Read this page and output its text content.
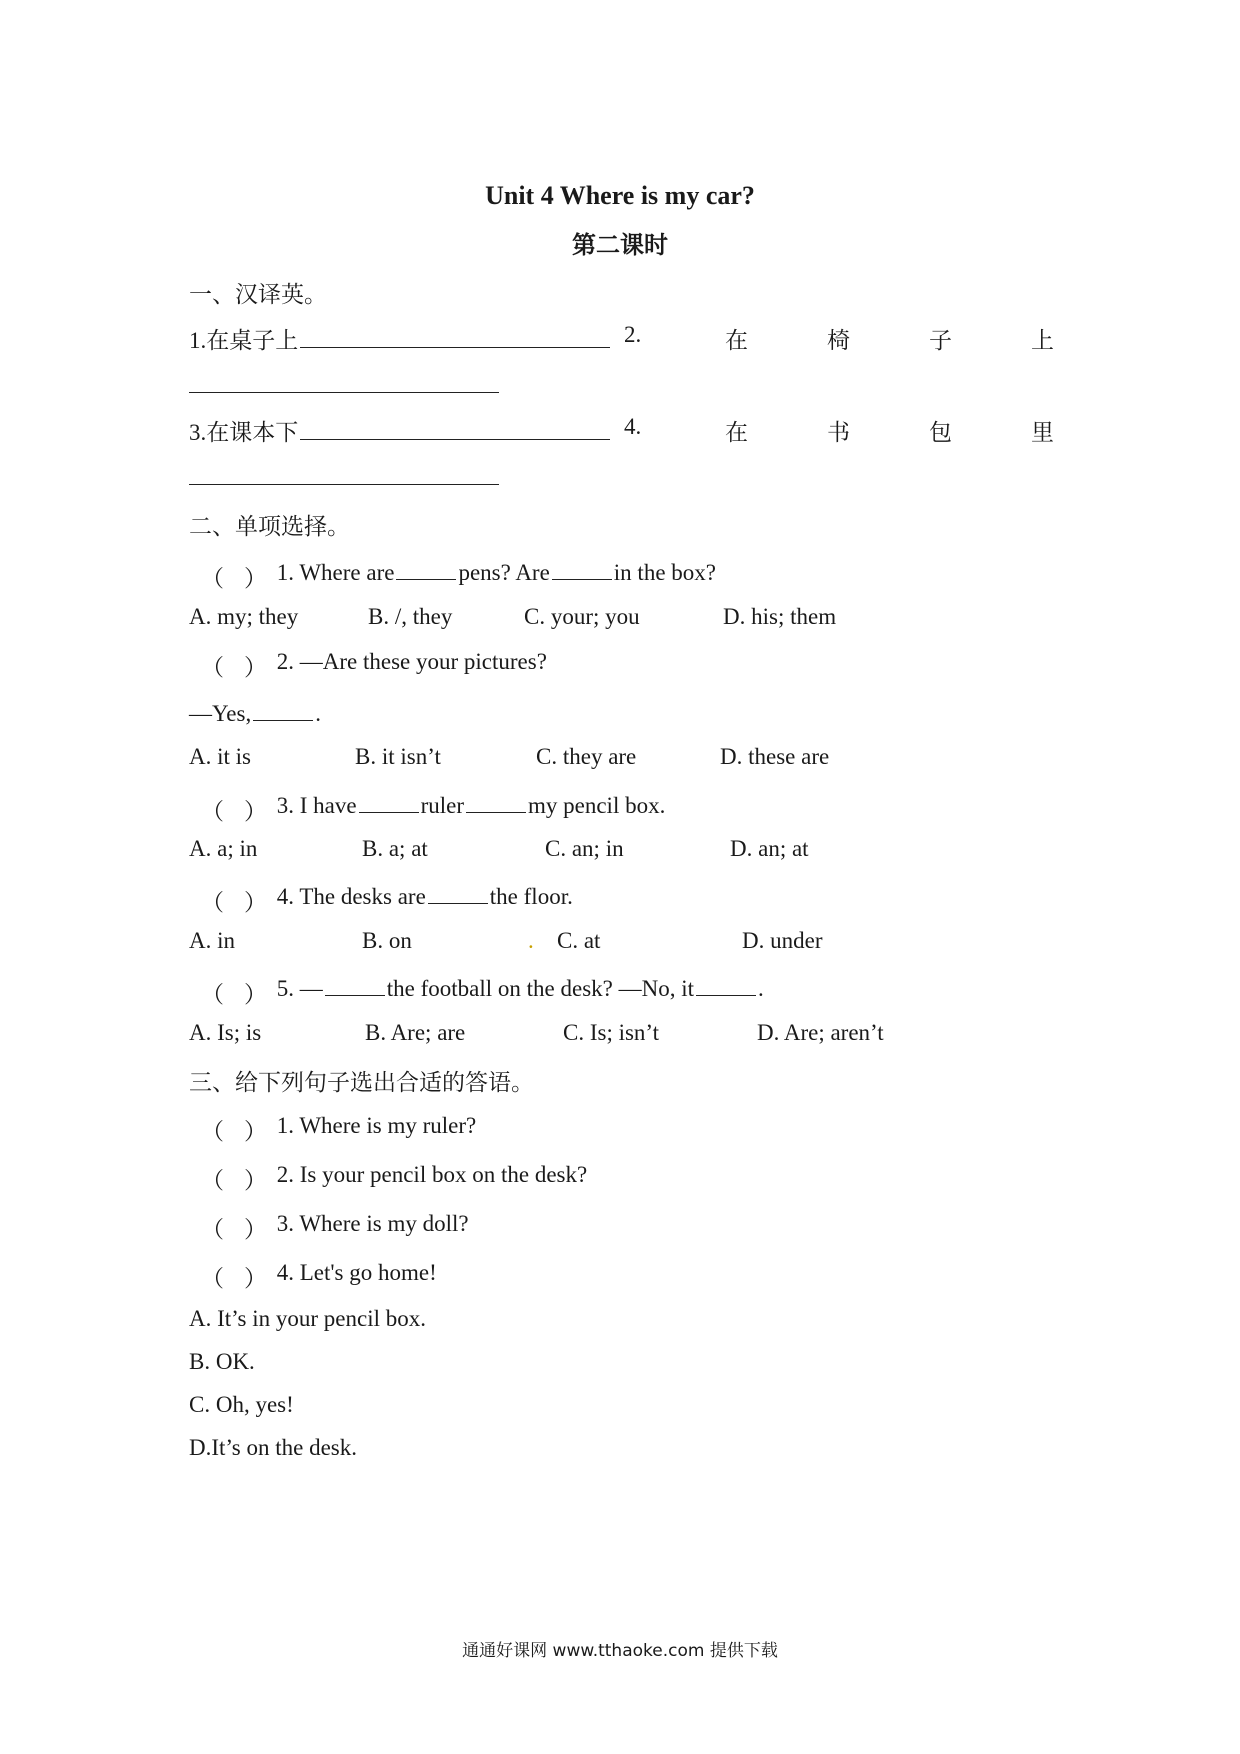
Unit 4 Where is my car?
第二课时
一、汉译英。
1.在桌子上	2.	在	椅	子	上
3.在课本下	4.	在	书	包	里
二、单项选择。
（ ） 1. Where are	pens? Are	in the box?
A. my; they	B. /, they	C. your; you	D. his; them
（ ） 2. —Are these your pictures?
—Yes,	.
A. it is	B. it isn’t	C. they are	D. these are
（ ） 3. I have	ruler	my pencil box.
A. a; in	B. a; at	C. an; in	D. an; at
（ ） 4. The desks are	the floor.
A. in	B. on	. C. at	D. under
（ ） 5. —	the football on the desk? —No, it	.
A. Is; is	B. Are; are	C. Is; isn’t	D. Are; aren’t
三、给下列句子选出合适的答语。
（ ） 1. Where is my ruler?
（ ） 2. Is your pencil box on the desk?
（ ） 3. Where is my doll?
（ ） 4. Let's go home!
A. It’s in your pencil box.
B. OK.
C. Oh, yes!
D.It’s on the desk.
通通好课网 www.tthaoke.com 提供下载
